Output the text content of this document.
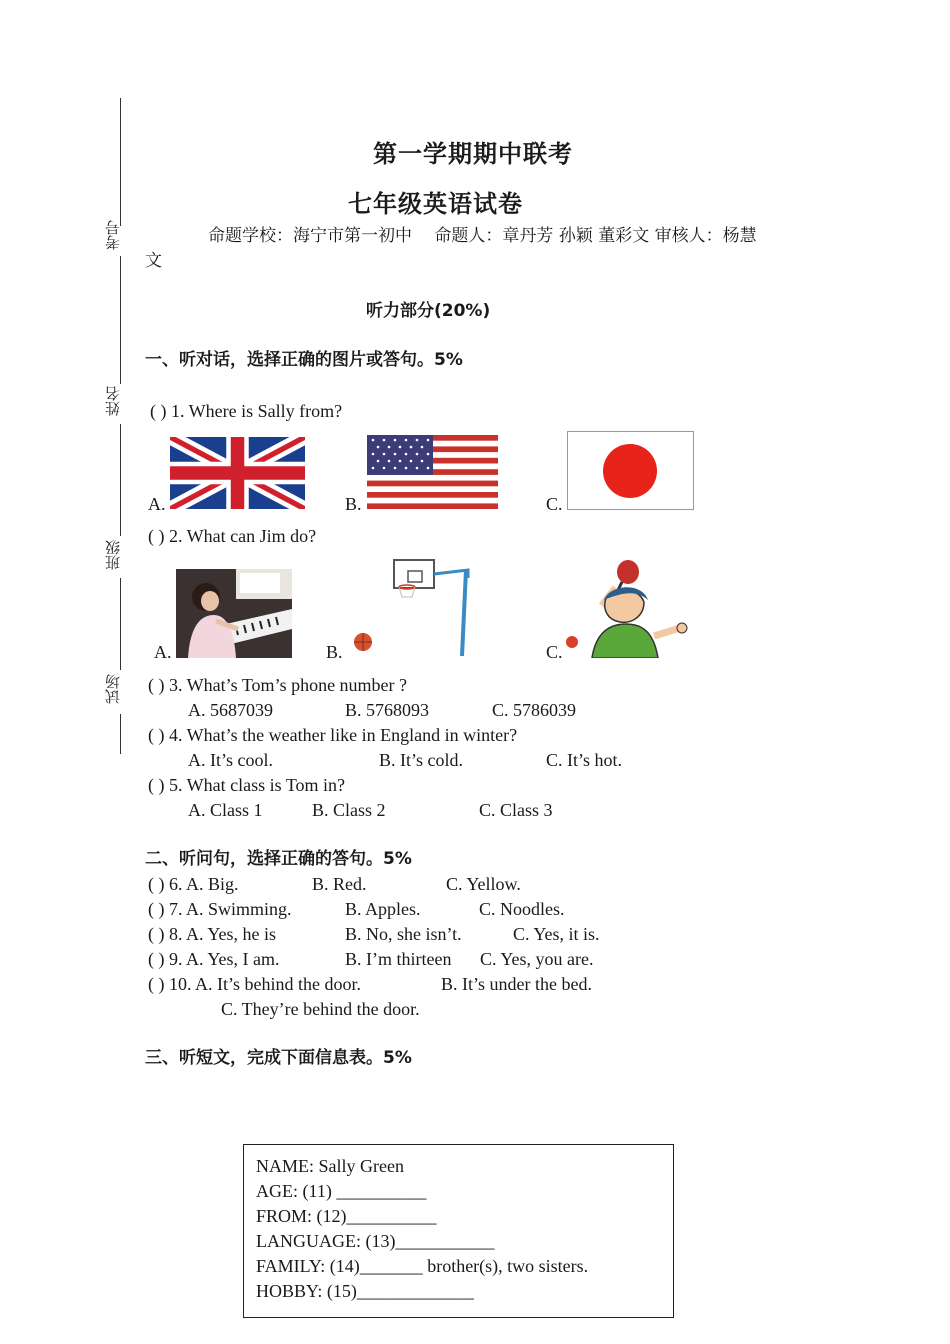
考号
姓名
班级
试场
第一学期期中联考
七年级英语试卷
命题学校：海宁市第一初中　 命题人：章丹芳 孙颖 董彩文 审核人：杨慧
文
听力部分(20%)
一、听对话，选择正确的图片或答句。5%
( ) 1. Where is Sally from?
A.	B.	C.
( ) 2. What can Jim do?
A.	B.	C.
( ) 3. What’s Tom’s phone number ?
A. 5687039	B. 5768093	C. 5786039
( ) 4. What’s the weather like in England in winter?
A. It’s cool.	B. It’s cold.	C. It’s hot.
( ) 5. What class is Tom in?
A. Class 1	B. Class 2	C. Class 3
二、听问句，选择正确的答句。5%
( ) 6. A. Big.	B. Red.	C. Yellow.
( ) 7. A. Swimming.	B. Apples.	C. Noodles.
( ) 8. A. Yes, he is	B. No, she isn’t.	C. Yes, it is.
( ) 9. A. Yes, I am.	B. I’m thirteen C. Yes, you are.
( ) 10. A. It’s behind the door.	B. It’s under the bed.
C. They’re behind the door.
三、听短文，完成下面信息表。5%
NAME: Sally Green
AGE: (11) __________
FROM: (12)__________
LANGUAGE: (13)___________
FAMILY: (14)_______ brother(s), two sisters.
HOBBY: (15)_____________
